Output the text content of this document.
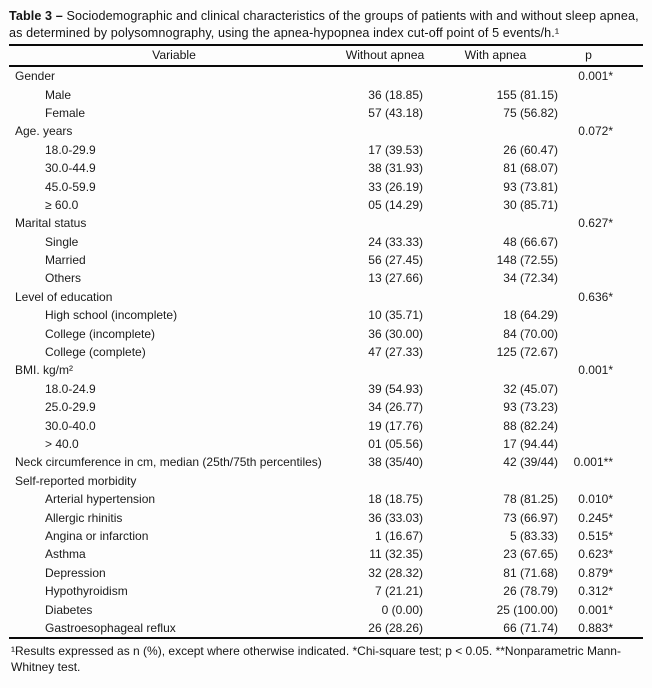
Table 3 – Sociodemographic and clinical characteristics of the groups of patients with and without sleep apnea, as determined by polysomnography, using the apnea-hypopnea index cut-off point of 5 events/h.¹
Variable	Without apnea	With apnea	p
Gender			0.001*
Male	36 (18.85)	155 (81.15)	
Female	57 (43.18)	75 (56.82)	
Age. years			0.072*
18.0-29.9	17 (39.53)	26 (60.47)	
30.0-44.9	38 (31.93)	81 (68.07)	
45.0-59.9	33 (26.19)	93 (73.81)	
≥ 60.0	05 (14.29)	30 (85.71)	
Marital status			0.627*
Single	24 (33.33)	48 (66.67)	
Married	56 (27.45)	148 (72.55)	
Others	13 (27.66)	34 (72.34)	
Level of education			0.636*
High school (incomplete)	10 (35.71)	18 (64.29)	
College (incomplete)	36 (30.00)	84 (70.00)	
College (complete)	47 (27.33)	125 (72.67)	
BMI. kg/m²			0.001*
18.0-24.9	39 (54.93)	32 (45.07)	
25.0-29.9	34 (26.77)	93 (73.23)	
30.0-40.0	19 (17.76)	88 (82.24)	
> 40.0	01 (05.56)	17 (94.44)	
Neck circumference in cm, median (25th/75th percentiles)	38 (35/40)	42 (39/44)	0.001**
Self-reported morbidity			
Arterial hypertension	18 (18.75)	78 (81.25)	0.010*
Allergic rhinitis	36 (33.03)	73 (66.97)	0.245*
Angina or infarction	1 (16.67)	5 (83.33)	0.515*
Asthma	11 (32.35)	23 (67.65)	0.623*
Depression	32 (28.32)	81 (71.68)	0.879*
Hypothyroidism	7 (21.21)	26 (78.79)	0.312*
Diabetes	0 (0.00)	25 (100.00)	0.001*
Gastroesophageal reflux	26 (28.26)	66 (71.74)	0.883*
¹Results expressed as n (%), except where otherwise indicated. *Chi-square test; p < 0.05. **Nonparametric Mann-Whitney test.
